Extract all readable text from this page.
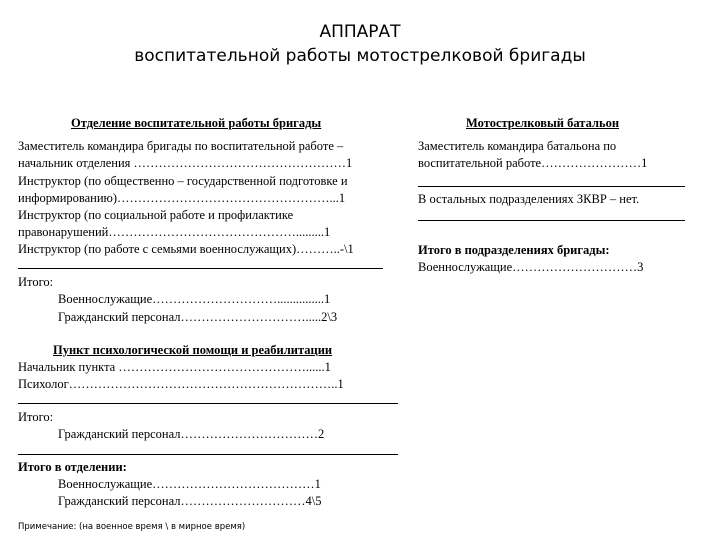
АППАРАТ
воспитательной работы мотострелковой бригады
Отделение воспитательной работы бригады
Заместитель командира бригады по воспитательной работе –
начальник отделения ……………………………………………1
Инструктор (по общественно – государственной подготовке и
информированию)……………………………………………...1
Инструктор (по социальной работе и профилактике
правонарушений……………………………………….........1
Инструктор (по работе с семьями военнослужащих)………..-\1
Итого:
Военнослужащие…………………………...............1
Гражданский персонал………………………….....2\3
Пункт психологической помощи и реабилитации
Начальник пункта ………………………………………......1
Психолог………………………………………………………..1
Итого:
Гражданский персонал……………………………2
Итого в отделении:
Военнослужащие…………………………………1
Гражданский персонал…………………………4\5
Примечание: (на военное время \ в мирное время)
Мотострелковый батальон
Заместитель командира батальона по
воспитательной работе……………………1
В остальных подразделениях ЗКВР – нет.
Итого в подразделениях бригады:
Военнослужащие…………………………3
